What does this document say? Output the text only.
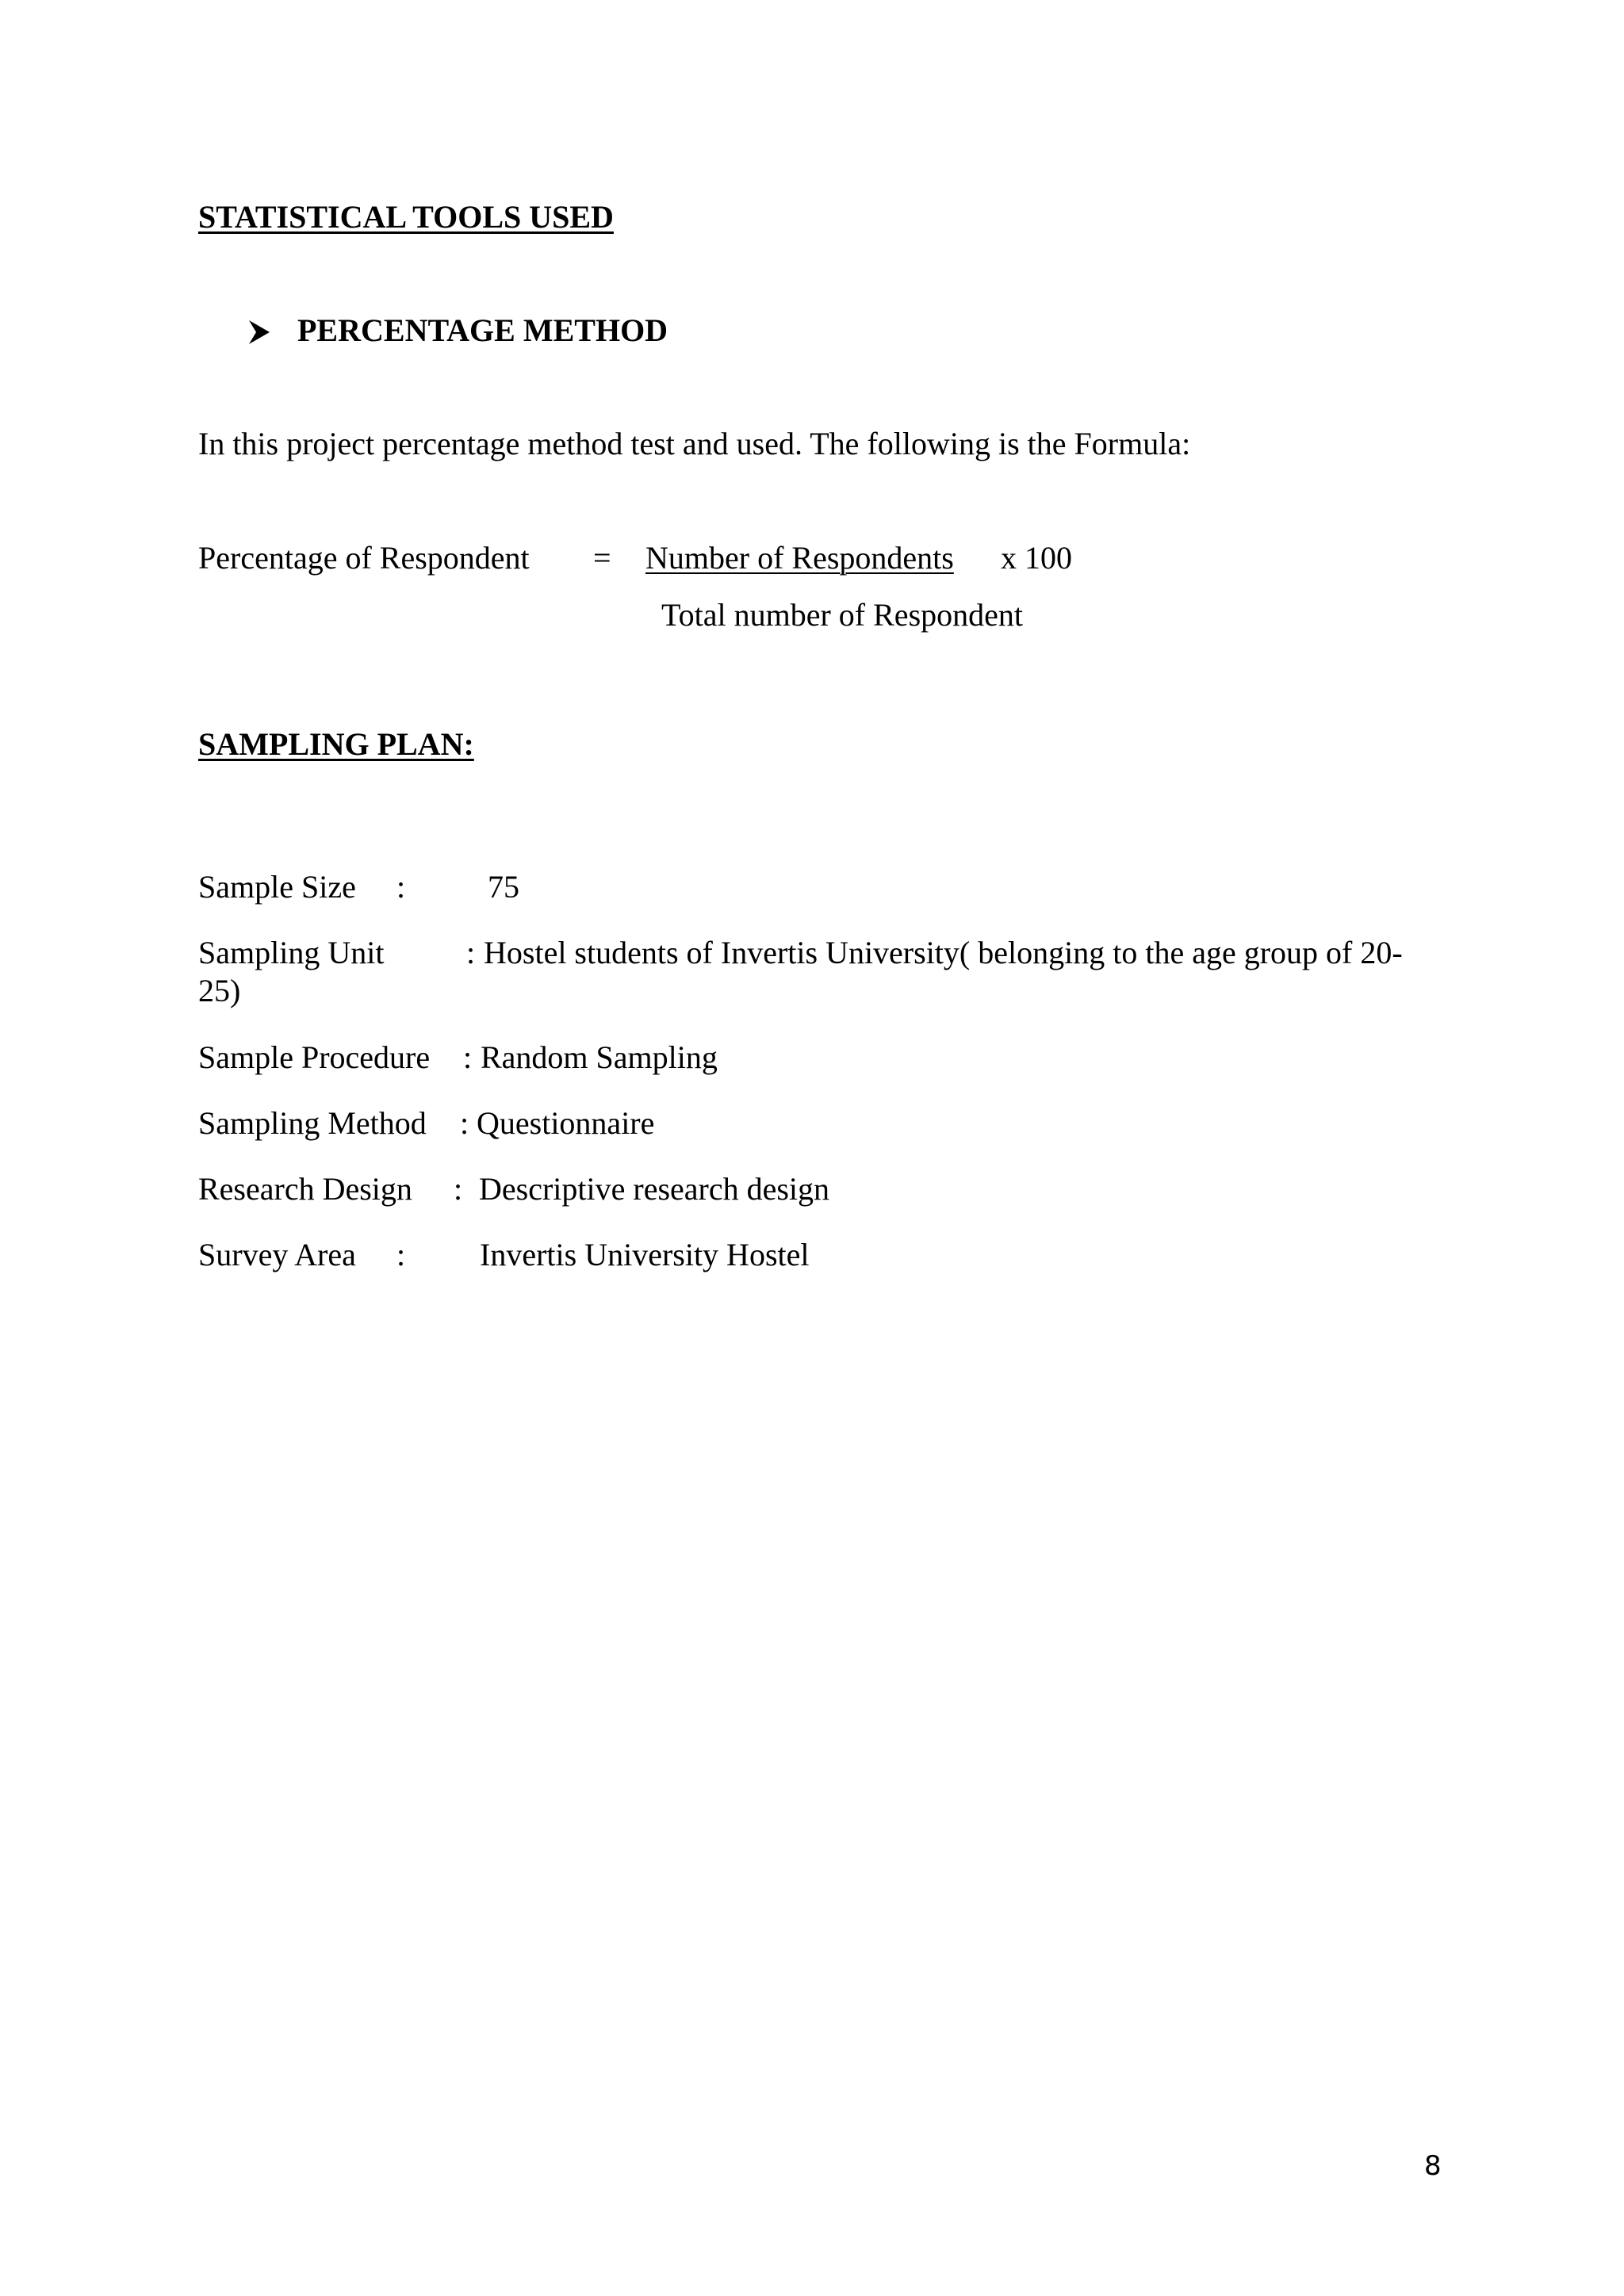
STATISTICAL TOOLS USED
PERCENTAGE METHOD
In this project percentage method test and used. The following is the Formula:
Percentage of Respondent =	Number of Respondents	x 100
Total number of Respondent
SAMPLING PLAN:
Sample Size :	75
Sampling Unit	: Hostel students of Invertis University( belonging to the age group of 20-
25)
Sample Procedure : Random Sampling
Sampling Method : Questionnaire
Research Design : Descriptive research design
Survey Area : Invertis University Hostel
8
